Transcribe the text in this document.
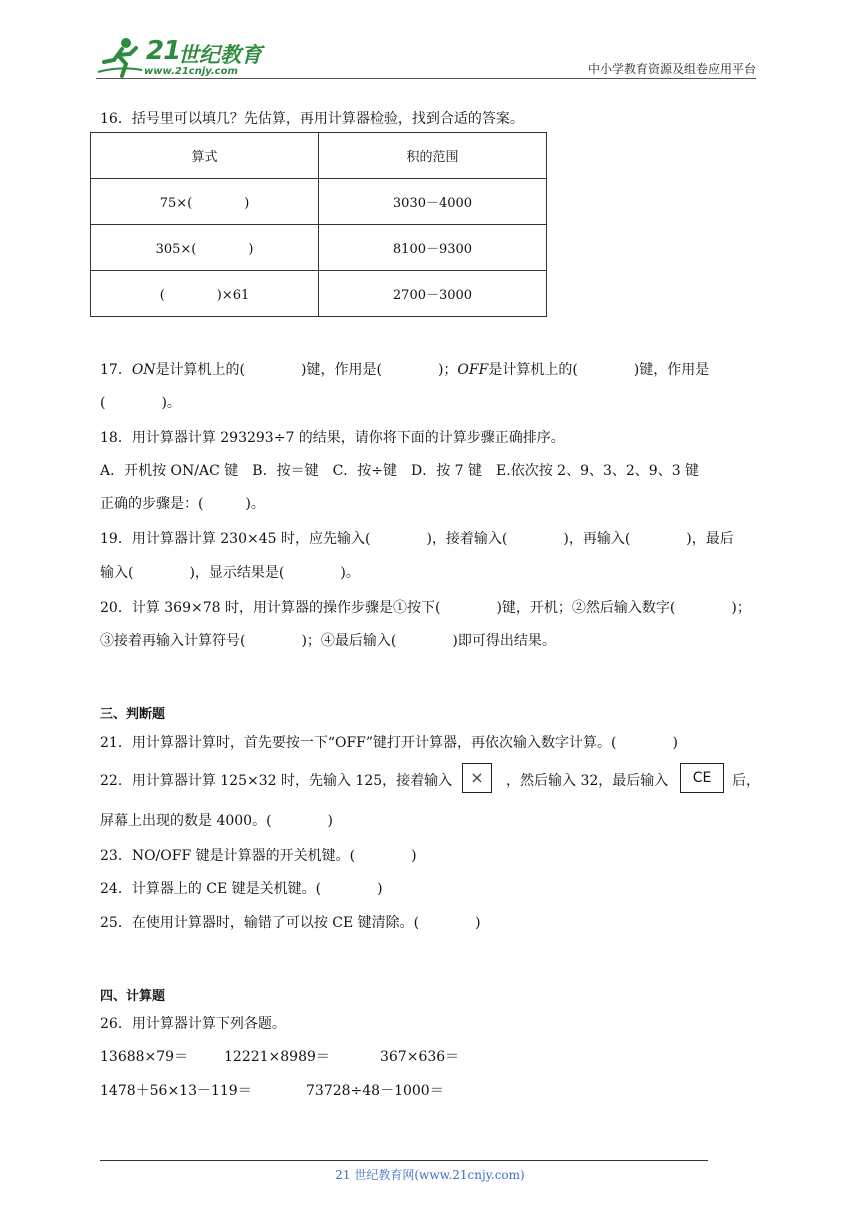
21
世纪教育
www.21cnjy.com	中小学教育资源及组卷应用平台
16．括号里可以填几？先估算，再用计算器检验，找到合适的答案。
算式	积的范围
75×(　　　　)	3030－4000
305×(　　　　)	8100－9300
(　　　　)×61	2700－3000
17．ON是计算机上的(　　　　)键，作用是(　　　　)；OFF是计算机上的(　　　　)键，作用是
(　　　　)。
18．用计算器计算 293293÷7 的结果，请你将下面的计算步骤正确排序。
A．开机按 ON/AC 键　B．按＝键　C．按÷键　D．按 7 键　E.依次按 2、9、3、2、9、3 键
正确的步骤是：(　　　)。
19．用计算器计算 230×45 时，应先输入(　　　　)，接着输入(　　　　)，再输入(　　　　)，最后
输入(　　　　)，显示结果是(　　　　)。
20．计算 369×78 时，用计算器的操作步骤是①按下(　　　　)键，开机；②然后输入数字(　　　　)；
③接着再输入计算符号(　　　　)；④最后输入(　　　　)即可得出结果。
三、判断题
21．用计算器计算时，首先要按一下“OFF”键打开计算器，再依次输入数字计算。(　　　　)
22．用计算器计算 125×32 时，先输入 125，接着输入	×	，然后输入 32，最后输入	CE	后，
屏幕上出现的数是 4000。(　　　　)
23．NO/OFF 键是计算器的开关机键。(　　　　)
24．计算器上的 CE 键是关机键。(　　　　)
25．在使用计算器时，输错了可以按 CE 键清除。(　　　　)
四、计算题
26．用计算器计算下列各题。
13688×79＝	12221×8989＝	367×636＝
1478＋56×13－119＝	73728÷48－1000＝
21 世纪教育网(www.21cnjy.com)
